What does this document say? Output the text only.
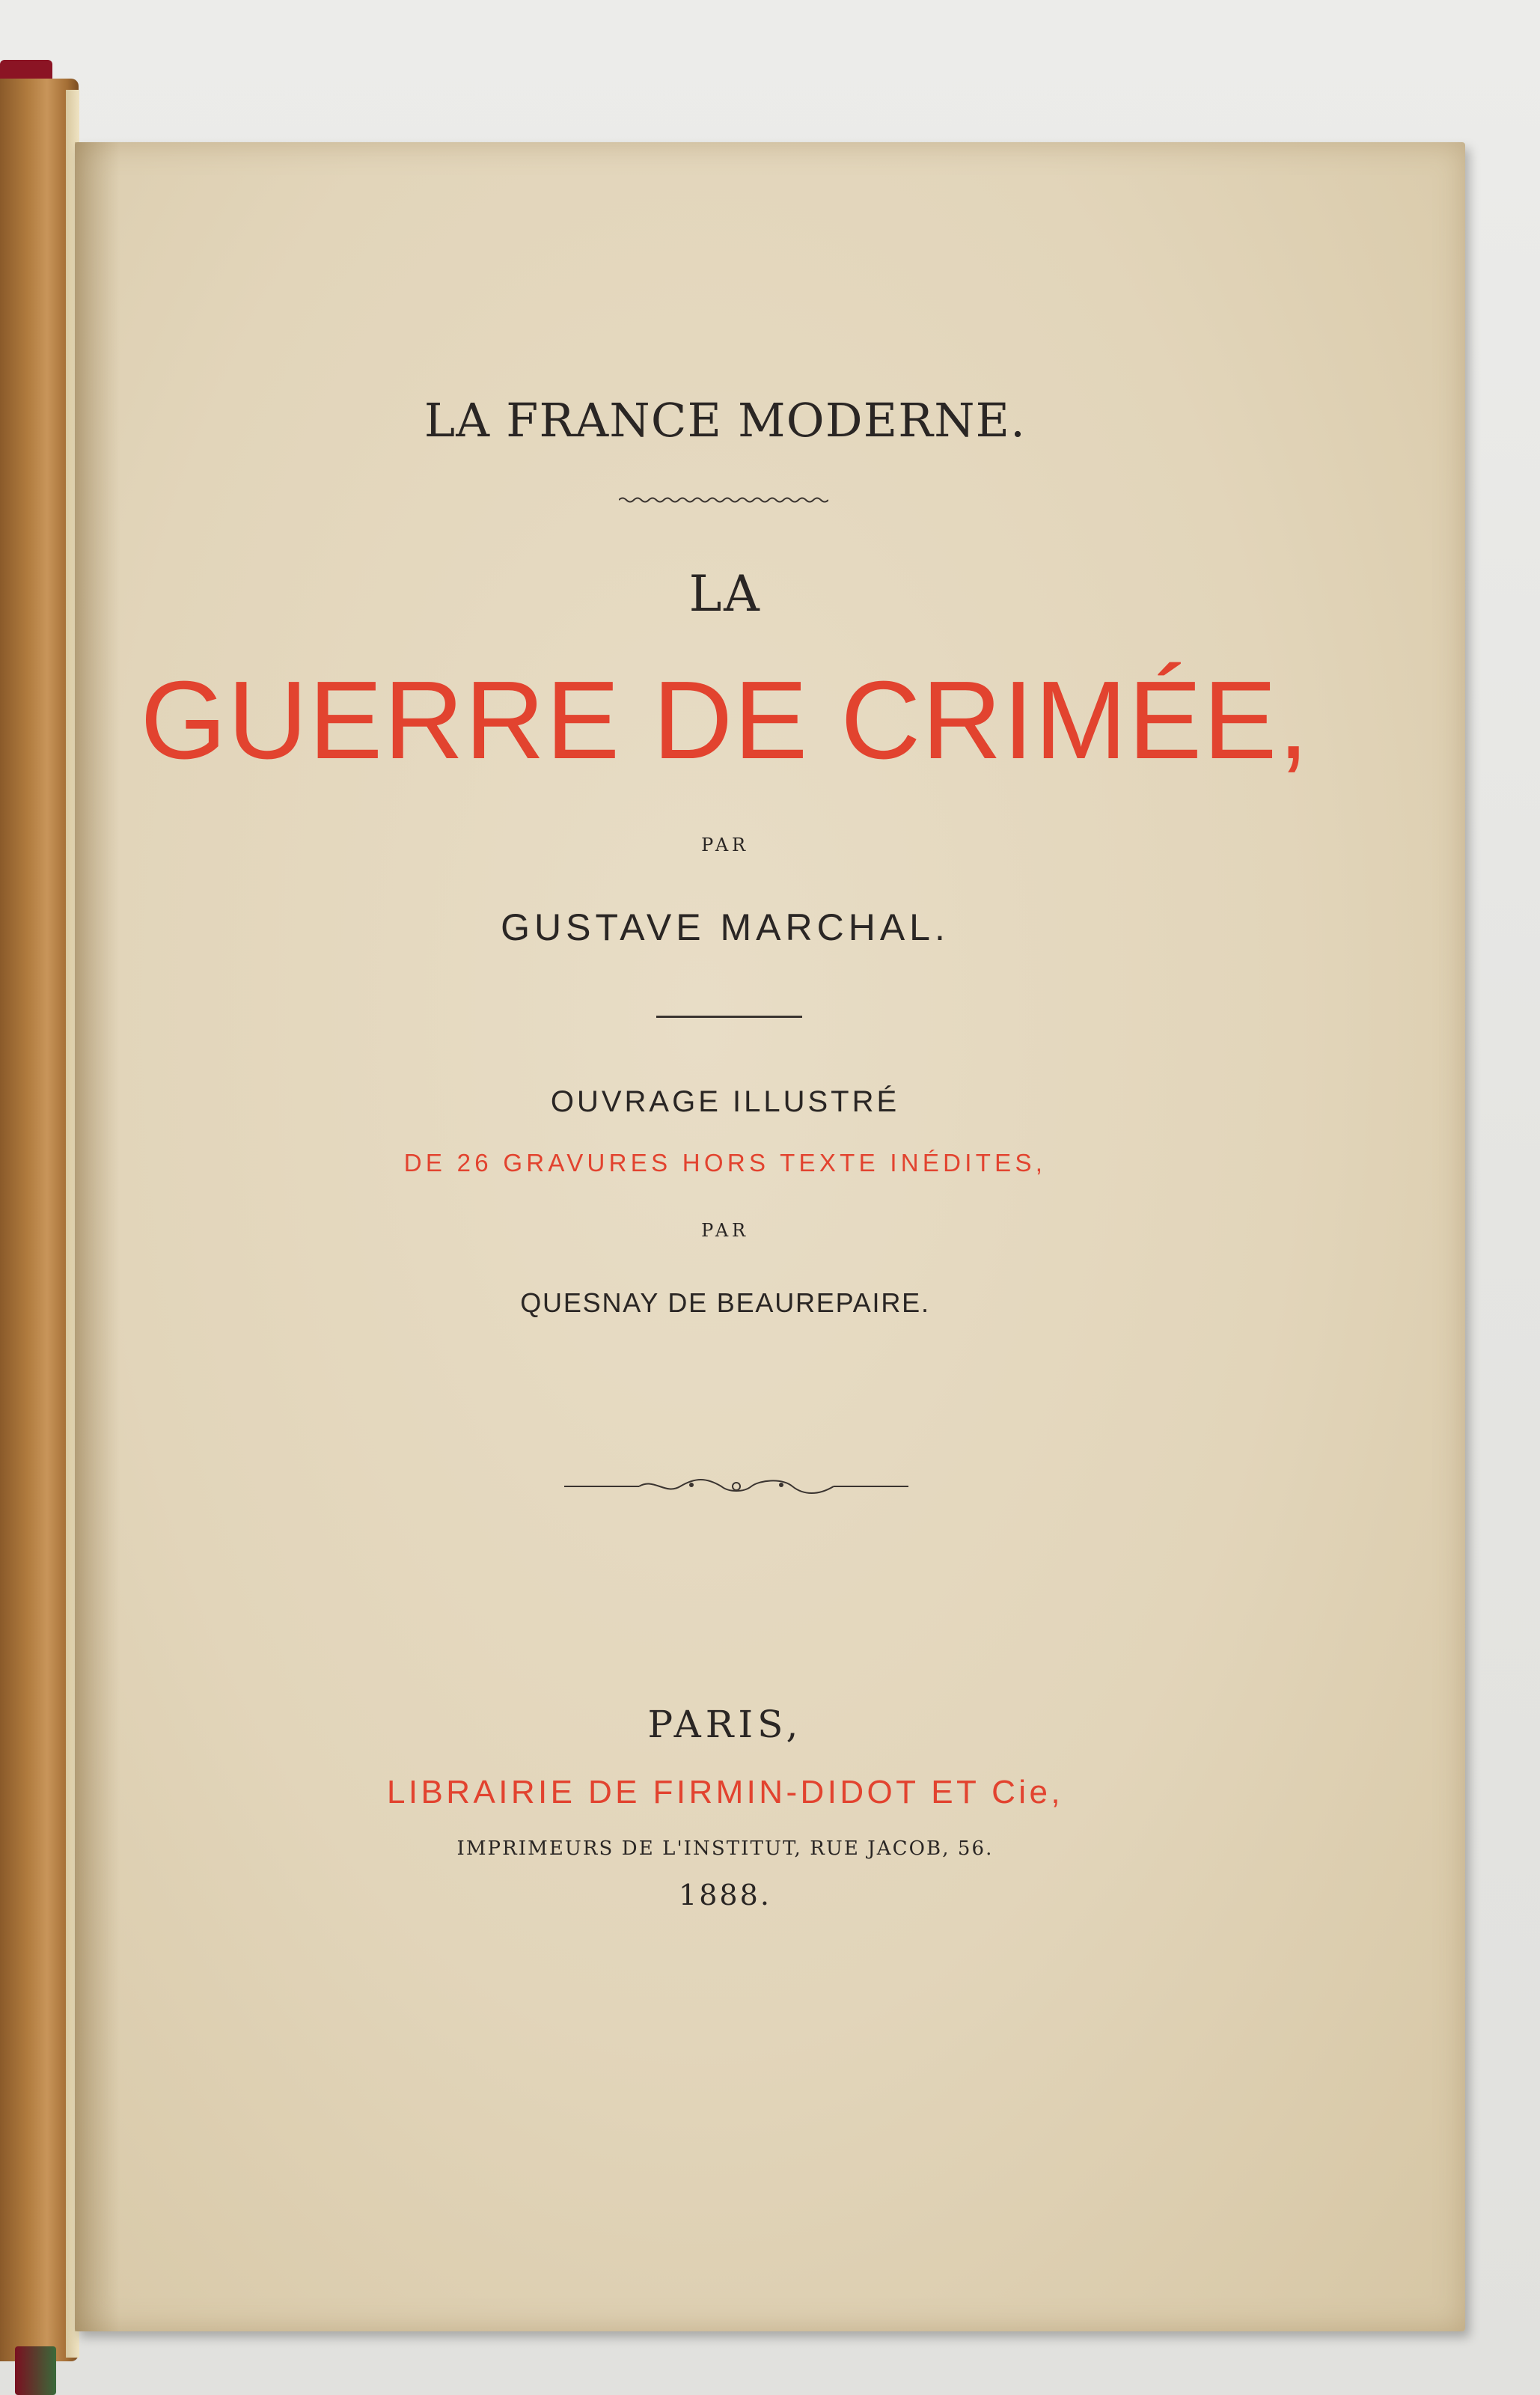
LA FRANCE MODERNE.
LA
GUERRE DE CRIMÉE,
PAR
GUSTAVE MARCHAL.
OUVRAGE ILLUSTRÉ
DE 26 GRAVURES HORS TEXTE INÉDITES,
PAR
QUESNAY DE BEAUREPAIRE.
PARIS,
LIBRAIRIE DE FIRMIN-DIDOT ET Cie,
IMPRIMEURS DE L'INSTITUT, RUE JACOB, 56.
1888.
